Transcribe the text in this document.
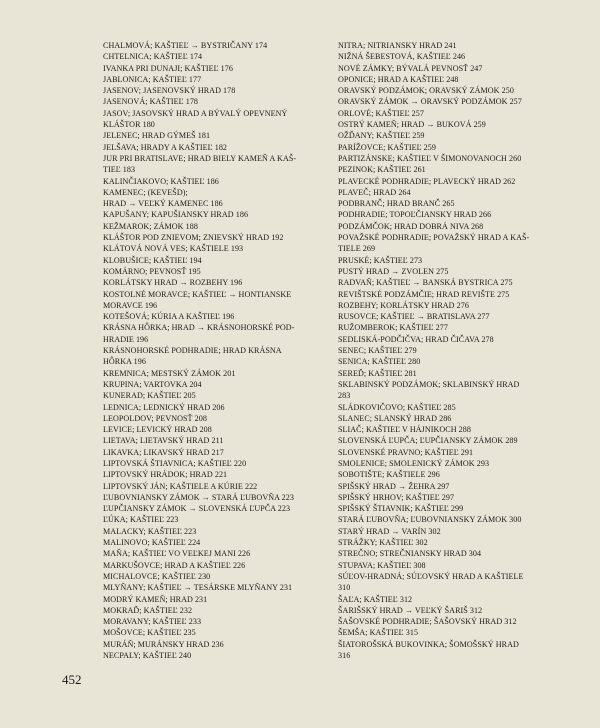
CHALMOVÁ; KAŠTIEĽ → BYSTRIČANY 174
CHTELNICA; KAŠTIEĽ 174
IVANKA PRI DUNAJI; KAŠTIEĽ 176
JABLONICA; KAŠTIEĽ 177
JASENOV; JASENOVSKÝ HRAD 178
JASENOVÁ; KAŠTIEĽ 178
JASOV; JASOVSKÝ HRAD A BÝVALÝ OPEVNENÝ
KLÁŠTOR 180
JELENEC; HRAD GÝMEŠ 181
JELŠAVA; HRADY A KAŠTIEĽ 182
JUR PRI BRATISLAVE; HRAD BIELY KAMEŇ A KAŠ-
TIEĽ 183
KALINČIAKOVO; KAŠTIEĽ 186
KAMENEC; (KEVEŠD);
HRAD → VEĽKÝ KAMENEC 186
KAPUŠANY; KAPUŠIANSKY HRAD 186
KEŽMAROK; ZÁMOK 188
KLÁŠTOR POD ZNIEVOM; ZNIEVSKÝ HRAD 192
KLÁTOVÁ NOVÁ VES; KAŠTIELE 193
KLOBUŠICE; KAŠTIEĽ 194
KOMÁRNO; PEVNOSŤ 195
KORLÁTSKY HRAD → ROZBEHY 196
KOSTOLNÉ MORAVCE; KAŠTIEĽ → HONTIANSKE
MORAVCE 196
KOTEŠOVÁ; KÚRIA A KAŠTIEĽ 196
KRÁSNA HÔRKA; HRAD → KRÁSNOHORSKÉ POD-
HRADIE 196
KRÁSNOHORSKÉ PODHRADIE; HRAD KRÁSNA
HÔRKA 196
KREMNICA; MESTSKÝ ZÁMOK 201
KRUPINA; VARTOVKA 204
KUNERAD; KAŠTIEĽ 205
LEDNICA; LEDNICKÝ HRAD 206
LEOPOLDOV; PEVNOSŤ 208
LEVICE; LEVICKÝ HRAD 208
LIETAVA; LIETAVSKÝ HRAD 211
LIKAVKA; LIKAVSKÝ HRAD 217
LIPTOVSKÁ ŠTIAVNICA; KAŠTIEĽ 220
LIPTOVSKÝ HRÁDOK; HRAD 221
LIPTOVSKÝ JÁN; KAŠTIELE A KÚRIE 222
ĽUBOVNIANSKY ZÁMOK → STARÁ ĽUBOVŇA 223
ĽUPČIANSKY ZÁMOK → SLOVENSKÁ ĽUPČA 223
ĽÚKA; KAŠTIEĽ 223
MALACKY; KAŠTIEĽ 223
MALINOVO; KAŠTIEĽ 224
MAŇA; KAŠTIEĽ VO VEĽKEJ MANI 226
MARKUŠOVCE; HRAD A KAŠTIEĽ 226
MICHALOVCE; KAŠTIEĽ 230
MLYŇANY; KAŠTIEĽ → TESÁRSKE MLYŇANY 231
MODRÝ KAMEŇ; HRAD 231
MOKRAĎ; KAŠTIEĽ 232
MORAVANY; KAŠTIEĽ 233
MOŠOVCE; KAŠTIEĽ 235
MURÁŇ; MURÁNSKY HRAD 236
NECPALY; KAŠTIEĽ 240
NITRA; NITRIANSKY HRAD 241
NIŽNÁ ŠEBESTOVÁ, KAŠTIEĽ 246
NOVÉ ZÁMKY; BÝVALÁ PEVNOSŤ 247
OPONICE; HRAD A KAŠTIEĽ 248
ORAVSKÝ PODZÁMOK; ORAVSKÝ ZÁMOK 250
ORAVSKÝ ZÁMOK → ORAVSKÝ PODZÁMOK 257
ORLOVÉ; KAŠTIEĽ 257
OSTRÝ KAMEŇ; HRAD → BUKOVÁ 259
OŽĎANY; KAŠTIEĽ 259
PARÍŽOVCE; KAŠTIEĽ 259
PARTIZÁNSKE; KAŠTIEĽ V ŠIMONOVANOCH 260
PEZINOK; KAŠTIEĽ 261
PLAVECKÉ PODHRADIE; PLAVECKÝ HRAD 262
PLAVEČ; HRAD 264
PODBRANČ; HRAD BRANČ 265
PODHRADIE; TOPOĽČIANSKY HRAD 266
PODZÁMČOK; HRAD DOBRÁ NIVA 268
POVAŽSKÉ PODHRADIE; POVAŽSKÝ HRAD A KAŠ-
TIELE 269
PRUSKÉ; KAŠTIEĽ 273
PUSTÝ HRAD → ZVOLEN 275
RADVAŇ; KAŠTIEĽ → BANSKÁ BYSTRICA 275
REVIŠTSKÉ PODZÁMČIE; HRAD REVIŠTE 275
ROZBEHY; KORLÁTSKY HRAD 276
RUSOVCE; KAŠTIEĽ → BRATISLAVA 277
RUŽOMBEROK; KAŠTIEĽ 277
SEDLISKÁ-PODČIČVA; HRAD ČIČAVA 278
SENEC; KAŠTIEĽ 279
SENICA; KAŠTIEĽ 280
SEREĎ; KAŠTIEĽ 281
SKLABINSKÝ PODZÁMOK; SKLABINSKÝ HRAD
283
SLÁDKOVIČOVO; KAŠTIEĽ 285
SLANEC; SLANSKÝ HRAD 286
SLIAČ; KAŠTIEĽ V HÁJNIKOCH 288
SLOVENSKÁ ĽUPČA; ĽUPČIANSKY ZÁMOK 289
SLOVENSKÉ PRAVNO; KAŠTIEĽ 291
SMOLENICE; SMOLENICKÝ ZÁMOK 293
SOBOTIŠTE; KAŠTIELE 296
SPIŠSKÝ HRAD → ŽEHRA 297
SPIŠSKÝ HRHOV; KAŠTIEĽ 297
SPIŠSKÝ ŠTIAVNIK; KAŠTIEĽ 299
STARÁ ĽUBOVŇA; ĽUBOVNIANSKY ZÁMOK 300
STARÝ HRAD → VARÍN 302
STRÁŽKY; KAŠTIEĽ 302
STREČNO; STREČNIANSKY HRAD 304
STUPAVA; KAŠTIEĽ 308
SÚĽOV-HRADNÁ; SÚĽOVSKÝ HRAD A KAŠTIELE
310
ŠAĽA; KAŠTIEĽ 312
ŠARIŠSKÝ HRAD → VEĽKÝ ŠARIŠ 312
ŠAŠOVSKÉ PODHRADIE; ŠAŠOVSKÝ HRAD 312
ŠEMŠA; KAŠTIEĽ 315
ŠIATOROŠSKÁ BUKOVINKA; ŠOMOŠSKÝ HRAD
316
452
